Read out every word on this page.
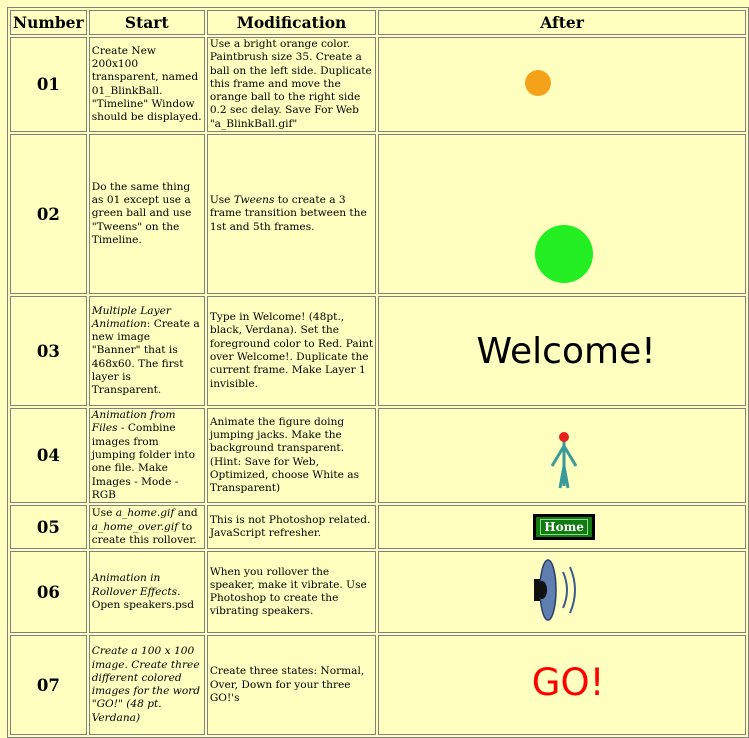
Number	Start	Modification	After
01	Create New 200x100 transparent, named 01_BlinkBall. "Timeline" Window should be displayed.	Use a bright orange color. Paintbrush size 35. Create a ball on the left side. Duplicate this frame and move the orange ball to the right side 0.2 sec delay. Save For Web "a_BlinkBall.gif"	

02	Do the same thing as 01 except use a green ball and use "Tweens" on the Timeline.	Use Tweens to create a 3 frame transition between the 1st and 5th frames.	

03	Multiple Layer Animation: Create a new image "Banner" that is 468x60. The first layer is Transparent.	Type in Welcome! (48pt., black, Verdana). Set the foreground color to Red. Paint over Welcome!. Duplicate the current frame. Make Layer 1 invisible.	Welcome!
04	Animation from Files - Combine images from jumping folder into one file. Make Images - Mode - RGB	Animate the figure doing jumping jacks. Make the background transparent. (Hint: Save for Web, Optimized, choose White as Transparent)	

05	Use a_home.gif and a_home_over.gif to create this rollover.	This is not Photoshop related. JavaScript refresher.	Home
06	Animation in Rollover Effects. Open speakers.psd	When you rollover the speaker, make it vibrate. Use Photoshop to create the vibrating speakers.	

07	Create a 100 x 100 image. Create three different colored images for the word "GO!" (48 pt. Verdana)	Create three states: Normal, Over, Down for your three GO!'s	GO!
